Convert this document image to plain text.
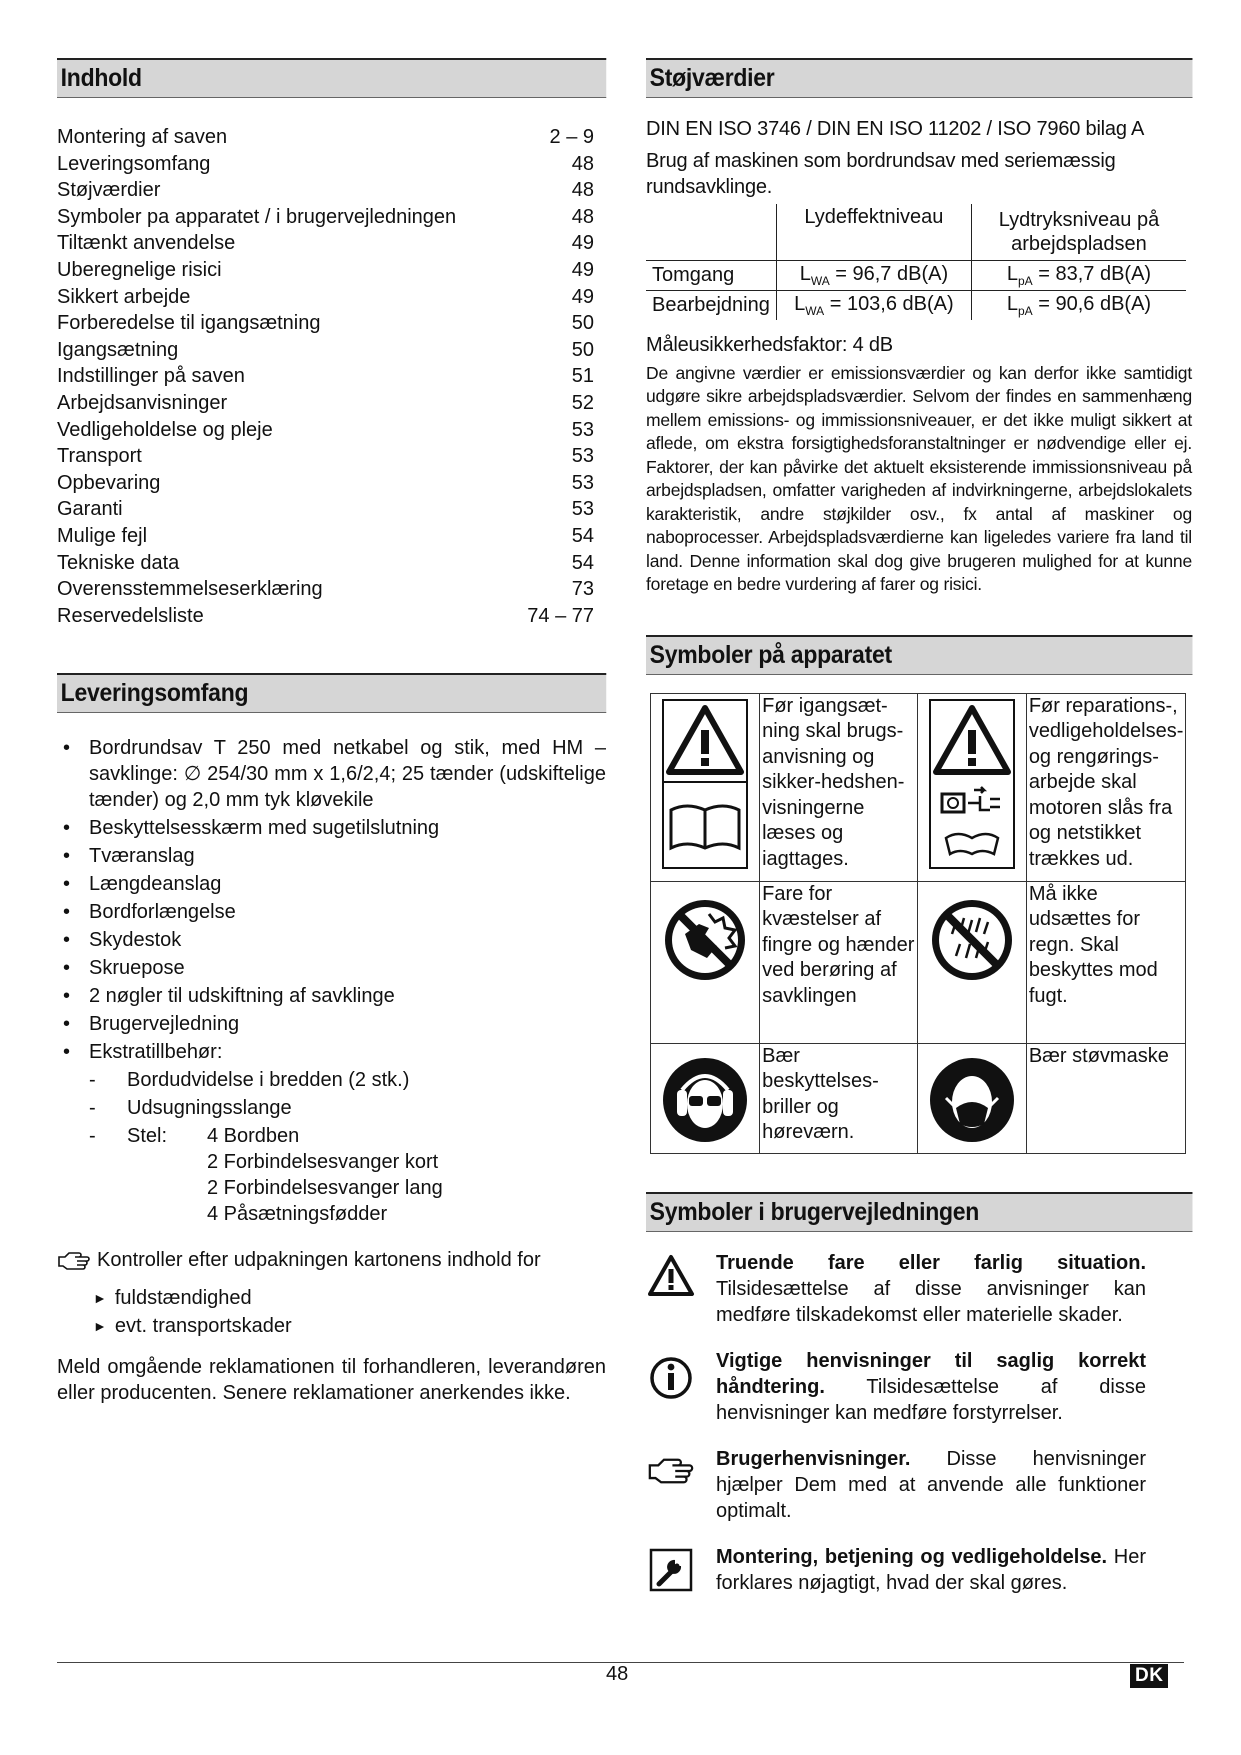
Indhold
Montering af saven	2 – 9
Leveringsomfang	48
Støjværdier	48
Symboler pa apparatet / i brugervejledningen	48
Tiltænkt anvendelse	49
Uberegnelige risici	49
Sikkert arbejde	49
Forberedelse til igangsætning	50
Igangsætning	50
Indstillinger på saven	51
Arbejdsanvisninger	52
Vedligeholdelse og pleje	53
Transport	53
Opbevaring	53
Garanti	53
Mulige fejl	54
Tekniske data	54
Overensstemmelseserklæring	73
Reservedelsliste	74 – 77
Leveringsomfang
• Bordrundsav T 250 med netkabel og stik, med HM – savklinge: ∅ 254/30 mm x 1,6/2,4; 25 tænder (udskiftelige tænder) og 2,0 mm tyk kløvekile
• Beskyttelsesskærm med sugetilslutning
• Tværanslag
• Længdeanslag
• Bordforlængelse
• Skydestok
• Skruepose
• 2 nøgler til udskiftning af savklinge
• Brugervejledning
• Ekstratillbehør:
- Bordudvidelse i bredden (2 stk.)
- Udsugningsslange
- Stel:	4 Bordben
2 Forbindelsesvanger kort
2 Forbindelsesvanger lang
4 Påsætningsfødder
Kontroller efter udpakningen kartonens indhold for
► fuldstændighed
► evt. transportskader

Meld omgående reklamationen til forhandleren, leverandøren eller producenten. Senere reklamationer anerkendes ikke.

Støjværdier

DIN EN ISO 3746 / DIN EN ISO 11202 / ISO 7960 bilag A

Brug af maskinen som bordrundsav med seriemæssig rundsavklinge.

	Lydeffektniveau	Lydtryksniveau på arbejdspladsen
Tomgang	$L_{WA} = 96,7$ dB(A)	$L_{pA} = 83,7$ dB(A)
Bearbejdning	$L_{WA} = 103,6$ dB(A)	$L_{pA} = 90,6$ dB(A)

Måleusikkerhedsfaktor: 4 dB

De angivne værdier er emissionsværdier og kan derfor ikke samtidigt udgøre sikre arbejdspladsværdier. Selvom der findes en sammenhæng mellem emissions- og immissionsniveauer, er det ikke muligt sikkert at aflede, om ekstra forsigtighedsforanstaltninger er nødvendige eller ej. Faktorer, der kan påvirke det aktuelt eksisterende immissionsniveau på arbejdspladsen, omfatter varigheden af indvirkningerne, arbejdslokalets karakteristik, andre støjkilder osv., fx antal af maskiner og naboprocesser. Arbejdspladsværdierne kan ligeledes variere fra land til land. Denne information skal dog give brugeren mulighed for at kunne foretage en bedre vurdering af farer og risici.

Symboler på apparatet
	Før igangsæt-ning skal brugs-anvisning og sikker-hedshen-visningerne læses og iagttages.		Før reparations-, vedligeholdelses- og rengørings-arbejde skal motoren slås fra og netstikket trækkes ud.
	Fare for kvæstelser af fingre og hænder ved berøring af savklingen		Må ikke udsættes for regn. Skal beskyttes mod fugt.
	Bær beskyttelses-briller og høreværn.		Bær støvmaske
Symboler i brugervejledningen

Truende fare eller farlig situation. Tilsidesættelse af disse anvisninger kan medføre tilskadekomst eller materielle skader.

Vigtige henvisninger til saglig korrekt håndtering. Tilsidesættelse af disse henvisninger kan medføre forstyrrelser.

Brugerhenvisninger. Disse henvisninger hjælper Dem med at anvende alle funktioner optimalt.

Montering, betjening og vedligeholdelse. Her forklares nøjagtigt, hvad der skal gøres.

48	DK
